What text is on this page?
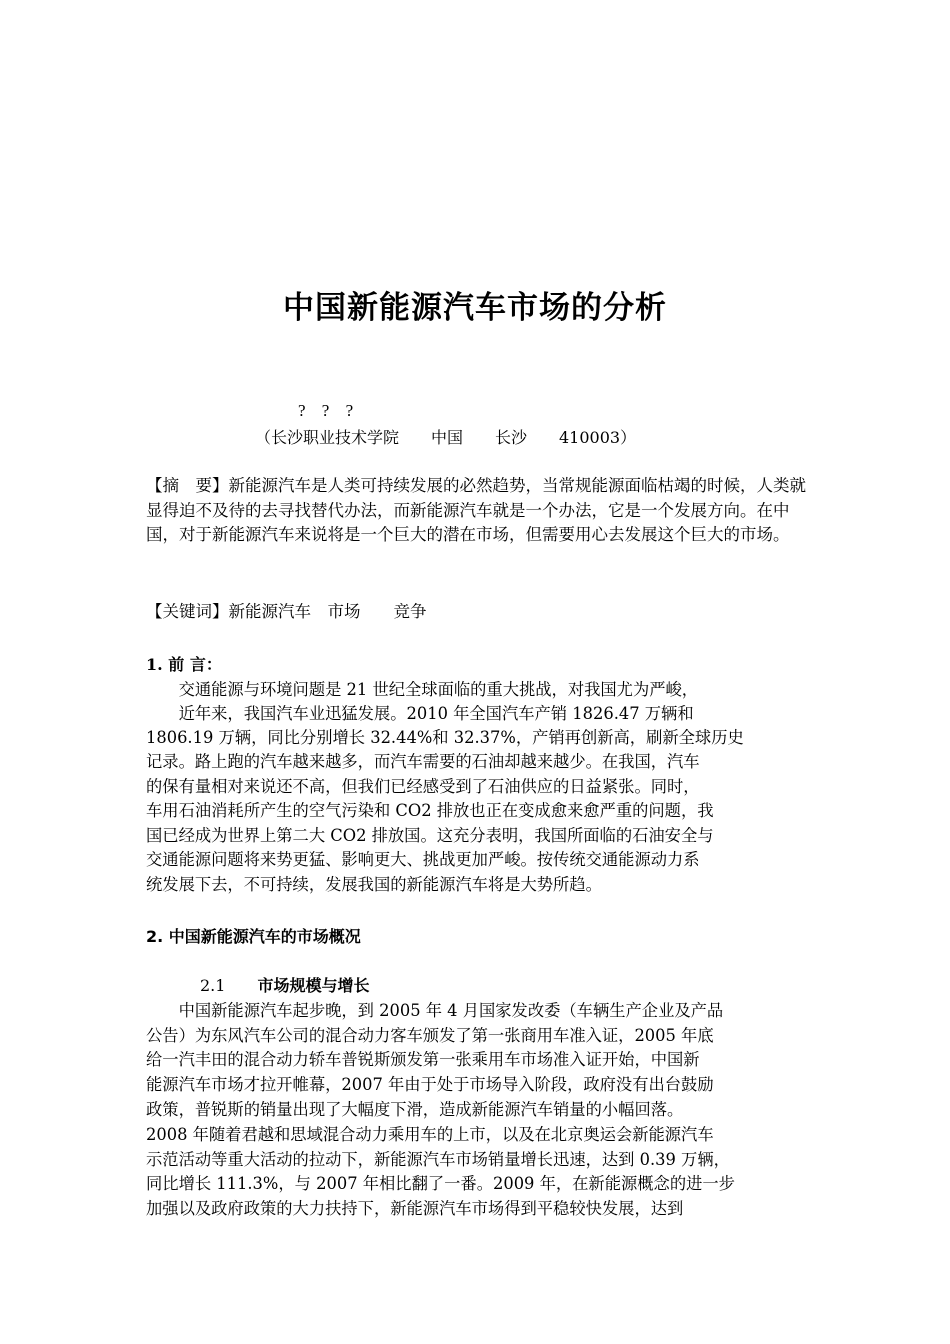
中国新能源汽车市场的分析
? ? ?
（长沙职业技术学院　　中国　　长沙　　410003）
【摘　要】新能源汽车是人类可持续发展的必然趋势，当常规能源面临枯竭的时候，人类就显得迫不及待的去寻找替代办法，而新能源汽车就是一个办法，它是一个发展方向。在中国，对于新能源汽车来说将是一个巨大的潜在市场，但需要用心去发展这个巨大的市场。
【关键词】新能源汽车　市场　　竞争
1. 前 言：
　　交通能源与环境问题是 21 世纪全球面临的重大挑战，对我国尤为严峻，
　　近年来，我国汽车业迅猛发展。2010 年全国汽车产销 1826.47 万辆和
1806.19 万辆，同比分别增长 32.44%和 32.37%，产销再创新高，刷新全球历史
记录。路上跑的汽车越来越多，而汽车需要的石油却越来越少。在我国，汽车
的保有量相对来说还不高，但我们已经感受到了石油供应的日益紧张。同时，
车用石油消耗所产生的空气污染和 CO2 排放也正在变成愈来愈严重的问题，我
国已经成为世界上第二大 CO2 排放国。这充分表明，我国所面临的石油安全与
交通能源问题将来势更猛、影响更大、挑战更加严峻。按传统交通能源动力系
统发展下去，不可持续，发展我国的新能源汽车将是大势所趋。
2. 中国新能源汽车的市场概况
2.1　　 市场规模与增长
　　中国新能源汽车起步晚，到 2005 年 4 月国家发改委（车辆生产企业及产品
公告）为东风汽车公司的混合动力客车颁发了第一张商用车准入证，2005 年底
给一汽丰田的混合动力轿车普锐斯颁发第一张乘用车市场准入证开始，中国新
能源汽车市场才拉开帷幕，2007 年由于处于市场导入阶段，政府没有出台鼓励
政策，普锐斯的销量出现了大幅度下滑，造成新能源汽车销量的小幅回落。
2008 年随着君越和思域混合动力乘用车的上市，以及在北京奥运会新能源汽车
示范活动等重大活动的拉动下，新能源汽车市场销量增长迅速，达到 0.39 万辆，
同比增长 111.3%，与 2007 年相比翻了一番。2009 年，在新能源概念的进一步
加强以及政府政策的大力扶持下，新能源汽车市场得到平稳较快发展，达到
